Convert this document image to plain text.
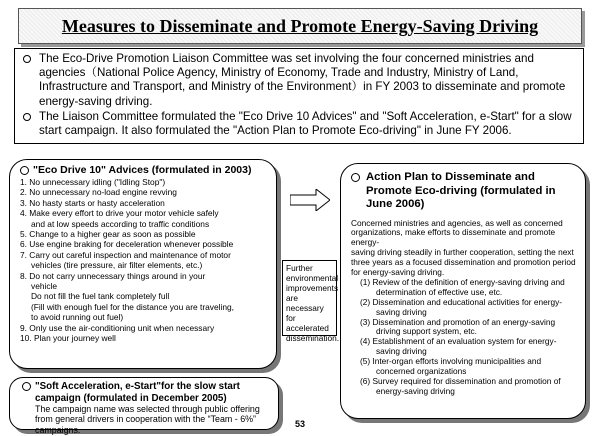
Measures to Disseminate and Promote Energy-Saving Driving
The Eco-Drive Promotion Liaison Committee was set involving the four concerned ministries and agencies（National Police Agency, Ministry of Economy, Trade and Industry, Ministry of Land, Infrastructure and Transport, and Ministry of the Environment）in FY 2003 to disseminate and promote energy-saving driving.
The Liaison Committee formulated the "Eco Drive 10 Advices" and "Soft Acceleration, e-Start" for a slow start campaign. It also formulated the "Action Plan to Promote Eco-driving" in June FY 2006.
"Eco Drive 10" Advices (formulated in 2003)
1. No unnecessary idling ("Idling Stop")
2. No unnecessary no-load engine revving
3. No hasty starts or hasty acceleration
4. Make every effort to drive your motor vehicle safely
and at low speeds according to traffic conditions
5. Change to a higher gear as soon as possible
6. Use engine braking for deceleration whenever possible
7. Carry out careful inspection and maintenance of motor
vehicles (tire pressure, air filter elements, etc.)
8. Do not carry unnecessary things around in your
vehicle
Do not fill the fuel tank completely full
(Fill with enough fuel for the distance you are traveling,
to avoid running out fuel)
9. Only use the air-conditioning unit when necessary
10. Plan your journey well
Further environmental improvements are necessary for accelerated dissemination.
"Soft Acceleration, e-Start"for the slow start
campaign (formulated in December 2005)
The campaign name was selected through public offering from general drivers in cooperation with the “Team - 6%” campaigns.
Action Plan to Disseminate and Promote Eco-driving (formulated in June 2006)
Concerned ministries and agencies, as well as concerned organizations, make efforts to disseminate and promote energy-
saving driving steadily in further cooperation, setting the next three years as a focused dissemination and promotion period for energy-saving driving.
(1) Review of the definition of energy-saving driving and
determination of effective use, etc.
(2) Dissemination and educational activities for energy-
saving driving
(3) Dissemination and promotion of an energy-saving
driving support system, etc.
(4) Establishment of an evaluation system for energy-
saving driving
(5) Inter-organ efforts involving municipalities and
concerned organizations
(6) Survey required for dissemination and promotion of
energy-saving driving
53
